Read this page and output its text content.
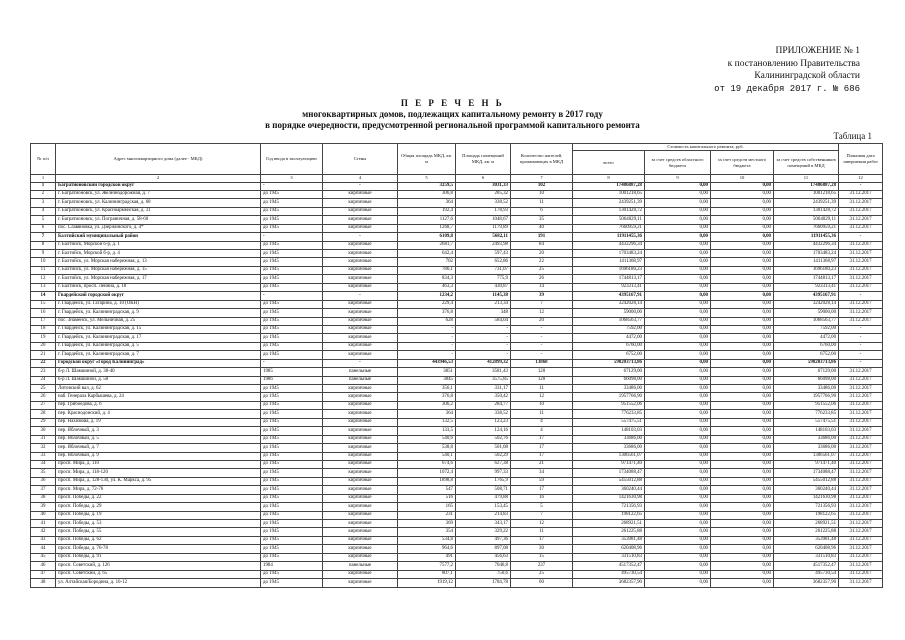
ПРИЛОЖЕНИЕ № 1
к постановлению Правительства
Калининградской области
от 19 декабря 2017 г. № 686
П Е Р Е Ч Е Н Ь
многоквартирных домов, подлежащих капитальному ремонту в 2017 году
в порядке очередности, предусмотренной региональной программой капитального ремонта
Таблица 1
№ п/п	Адрес многоквартирного дома (далее - МКД)	Год ввода в эксплуатацию	Стены	Общая площадь МКД, кв. м	Площадь помещений МКД, кв. м	Количество жителей, проживающих в МКД	Стоимость капитального ремонта, руб.				Плановая дата завершения работ
							всего	за счет средств областного бюджета	за счет средств местного бюджета	за счет средств собственников помещений в МКД	
1	2	3	4	5	6	7	8	9	10	11	12
1	Багратионовский городской округ	-	-	3259,5	3031,33	102	17486887,28	0,00	0,00	17486887,28	-
2	г. Багратионовск, ул. Железнодорожная, д. 7	до 1945	кирпичные	306,8	285,32	10	1001218,65	0,00	0,00	1001218,65	31.12.2017
3	г. Багратионовск, ул. Калининградская, д. 68	до 1945	кирпичные	364	338,52	11	2439251,39	0,00	0,00	2439251,39	31.12.2017
4	г. Багратионовск, ул. Красноармейская, д. 31	до 1945	кирпичные	192,4	178,93	6	1301428,72	0,00	0,00	1301428,72	31.12.2017
5	г. Багратионовск, ул. Пограничная, д. 58-60	до 1945	кирпичные	1127,6	1048,67	35	5064029,11	0,00	0,00	5064029,11	31.12.2017
6	пос. Славяновка, ул. Дзержинского, д. 4*	до 1945	кирпичные	1268,7	1179,89	40	7660959,21	0,00	0,00	7660959,21	31.12.2017
7	Балтийский муниципальный район	-	-	6109,8	5682,11	191	11911455,36	0,00	0,00	11911455,36	-
8	г. Балтийск, Морской б-р, д. 1	до 1945	кирпичные	2681,7	2493,98	84	4432296,34	0,00	0,00	4432296,34	31.12.2017
9	г. Балтийск, Морской б-р, д. 4	до 1945	кирпичные	642,4	597,43	20	1703483,24	0,00	0,00	1703483,24	31.12.2017
10	г. Балтийск, ул. Морская набережная, д. 13	до 1945	кирпичные	702	652,86	22	1411368,97	0,00	0,00	1411368,97	31.12.2017
11	г. Балтийск, ул. Морская набережная, д. 15	до 1945	кирпичные	786,1	731,07	25	1696180,23	0,00	0,00	1696180,23	31.12.2017
12	г. Балтийск, ул. Морская набережная, д. 17	до 1945	кирпичные	834,3	775,9	26	1744813,17	0,00	0,00	1744813,17	31.12.2017
13	г. Балтийск, просп. Ленина, д. 18	до 1945	кирпичные	463,3	430,87	14	923313,41	0,00	0,00	923313,41	31.12.2017
14	Гвардейский городской округ	-	-	1234,2	1145,38	39	4395167,91	0,00	0,00	4395167,91	-
15	г. Гвардейск, ул. Гагарина, д. 10 (ОКН)	до 1945	кирпичные	229,4	213,34	7	3242028,14	0,00	0,00	3242028,14	31.12.2017
16	г. Гвардейск, ул. Калининградская, д. 9	до 1945	кирпичные	376,8	348	12	59000,00	0,00	0,00	59000,00	31.12.2017
17	пос. Знаменск, ул. Мельничная, д. 25	до 1945	кирпичные	628	584,04	20	1068563,77	0,00	0,00	1068563,77	31.12.2017
18	г. Гвардейск, ул. Калининградская, д. 15	до 1945	кирпичные	-	-	-	7592,00	0,00	0,00	7592,00	-
19	г. Гвардейск, ул. Калининградская, д. 17	до 1945	кирпичные	-	-	-	4472,00	0,00	0,00	4472,00	-
20	г. Гвардейск, ул. Калининградская, д. 5	до 1945	кирпичные	-	-	-	6760,00	0,00	0,00	6760,00	-
21	г. Гвардейск, ул. Калининградская, д. 7	до 1945	кирпичные	-	-	-	6752,00	0,00	0,00	6752,00	-
22	Городской округ «Город Калининград»	-	-	443946,53	412899,32	13868	598203713,86	0,00	0,00	598203713,86	-
23	б-р Л. Шамшиной, д. 38-40	1985	панельные	3851	3581,43	120	67129,00	0,00	0,00	67129,00	31.12.2017
24	б-р Л. Шамшиной, д. 58	1986	панельные	3845	3575,85	120	66098,00	0,00	0,00	66098,00	31.12.2017
25	Литовский вал, д. 62	до 1945	кирпичные	356,1	331,17	11	33486,00	0,00	0,00	33486,00	31.12.2017
26	наб. Генерала Карбышева, д. 24	до 1945	кирпичные	376,8	350,42	12	1957766,90	0,00	0,00	1957766,90	31.12.2017
27	пер. Грибоедова, д. 6	до 1945	кирпичные	306,2	284,77	10	951552,06	0,00	0,00	951552,06	31.12.2017
28	пер. Краснодонский, д. 4	до 1945	кирпичные	364	338,52	11	776233,85	0,00	0,00	776233,85	31.12.2017
29	пер. Нахимова, д. 19	до 1945	кирпичные	132,5	123,23	4	557475,51	0,00	0,00	557475,51	31.12.2017
30	пер. Яблочный, д. 3	до 1945	кирпичные	133,5	124,16	4	148103,03	0,00	0,00	148103,03	31.12.2017
31	пер. Яблочный, д. 5	до 1945	кирпичные	540,6	502,76	17	33686,00	0,00	0,00	33686,00	31.12.2017
32	пер. Яблочный, д. 7	до 1945	кирпичные	538,8	501,08	17	33686,00	0,00	0,00	33686,00	31.12.2017
33	пер. Яблочный, д. 9	до 1945	кирпичные	540,1	502,29	17	1306561,07	0,00	0,00	1306561,07	31.12.2017
34	просп. Мира, д. 110	до 1945	кирпичные	674,6	627,38	21	971471,40	0,00	0,00	971471,40	31.12.2017
35	просп. Мира, д. 118-120	до 1945	кирпичные	1072,4	997,33	34	1734088,47	0,00	0,00	1734088,47	31.12.2017
36	просп. Мира, д. 128-130, ул. К. Маркса, д. 95	до 1945	кирпичные	1898,8	1765,9	59	5455012,88	0,00	0,00	5455012,88	31.12.2017
37	просп. Мира, д. 72-76	до 1945	кирпичные	547	508,71	17	360240,44	0,00	0,00	360240,44	31.12.2017
38	просп. Победы, д. 22	до 1945	кирпичные	516	479,88	16	1421630,98	0,00	0,00	1421630,98	31.12.2017
39	просп. Победы, д. 29	до 1945	кирпичные	165	153,45	5	721356,93	0,00	0,00	721356,93	31.12.2017
40	просп. Победы, д. 19	до 1945	кирпичные	231	214,83	7	198122,65	0,00	0,00	198122,65	31.12.2017
41	просп. Победы, д. 53	до 1945	кирпичные	369	343,17	12	268921,51	0,00	0,00	268921,51	31.12.2017
42	просп. Победы, д. 55	до 1945	кирпичные	354	329,22	11	261225,88	0,00	0,00	261225,88	31.12.2017
43	просп. Победы, д. 62	до 1945	кирпичные	534,8	497,36	17	353981,48	0,00	0,00	353981,48	31.12.2017
44	просп. Победы, д. 76-78	до 1945	кирпичные	964,6	897,08	30	620408,96	0,00	0,00	620408,96	31.12.2017
45	просп. Победы, д. 91	до 1945	кирпичные	491	456,63	15	331510,83	0,00	0,00	331510,83	31.12.2017
46	просп. Советский, д. 126	1984	панельные	7577,2	7046,8	237	4517352,47	0,00	0,00	4517352,47	31.12.2017
47	просп. Советский, д. 65	до 1945	кирпичные	807,1	750,6	25	495730,54	0,00	0,00	495730,54	31.12.2017
48	ул. Алтайская/Бородина, д. 10-12	до 1945	кирпичные	1919,12	1784,78	60	3682357,90	0,00	0,00	3682357,90	31.12.2017
